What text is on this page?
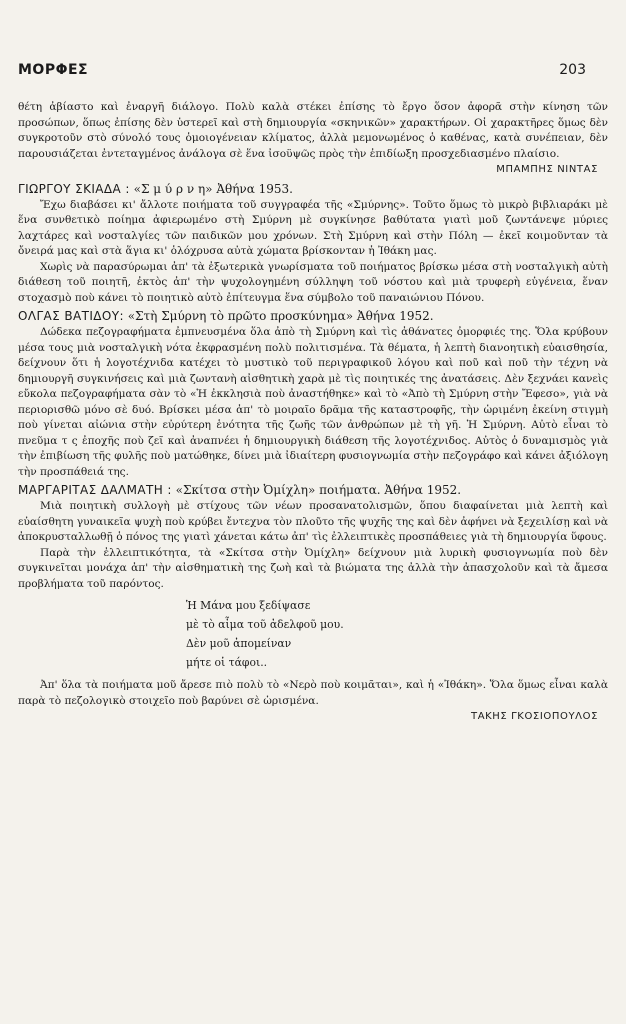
ΜΟΡΦΕΣ	203

θέτη ἀβίαστο καὶ ἐναργῆ διάλογο. Πολὺ καλὰ στέκει ἐπίσης τὸ ἔργο ὅσον ἀφορᾶ στὴν κίνηση τῶν προσώπων, ὅπως ἐπίσης δὲν ὑστερεῖ καὶ στὴ δημιουργία «σκηνικῶν» χαρακτήρων. Οἱ χαρακτῆρες ὅμως δὲν συγκροτοῦν στὸ σύνολό τους ὁμοιογένειαν κλίματος, ἀλλὰ μεμονωμένος ὁ καθένας, κατὰ συνέπειαν, δὲν παρουσιάζεται ἐντεταγμένος ἀνάλογα σὲ ἕνα ἰσοϋψῶς πρὸς τὴν ἐπιδίωξη προσχεδιασμένο πλαίσιο.

ΜΠΑΜΠΗΣ ΝΙΝΤΑΣ
ΓΙΩΡΓΟΥ ΣΚΙΑΔΑ : «Σ μ ύ ρ ν η» Ἀθήνα 1953.

Ἔχω διαβάσει κι' ἄλλοτε ποιήματα τοῦ συγγραφέα τῆς «Σμύρνης». Τοῦτο ὅμως τὸ μικρὸ βιβλιαράκι μὲ ἕνα συνθετικὸ ποίημα ἀφιερωμένο στὴ Σμύρνη μὲ συγκίνησε βαθύτατα γιατὶ μοῦ ζωντάνεψε μύριες λαχτάρες καὶ νοσταλγίες τῶν παιδικῶν μου χρόνων. Στὴ Σμύρνη καὶ στὴν Πόλη — ἐκεῖ κοιμοῦνταν τὰ ὄνειρά μας καὶ στὰ ἅγια κι' ὁλόχρυσα αὐτὰ χώματα βρίσκονταν ἡ Ἰθάκη μας.

Χωρὶς νὰ παρασύρωμαι ἀπ' τὰ ἐξωτερικὰ γνωρίσματα τοῦ ποιήματος βρίσκω μέσα στὴ νοσταλγικὴ αὐτὴ διάθεση τοῦ ποιητῆ, ἐκτὸς ἀπ' τὴν ψυχολογημένη σύλληψη τοῦ νόστου καὶ μιὰ τρυφερὴ εὐγένεια, ἕναν στοχασμὸ ποὺ κάνει τὸ ποιητικὸ αὐτὸ ἐπίτευγμα ἕνα σύμβολο τοῦ παναιώνιου Πόνου.

ΟΛΓΑΣ ΒΑΤΙΔΟΥ: «Στὴ Σμύρνη τὸ πρῶτο προσκύνημα» Ἀθήνα 1952.

Δώδεκα πεζογραφήματα ἐμπνευσμένα ὅλα ἀπὸ τὴ Σμύρνη καὶ τὶς ἀθάνατες ὀμορφιές της. Ὅλα κρύβουν μέσα τους μιὰ νοσταλγικὴ νότα ἐκφρασμένη πολὺ πολιτισμένα. Τὰ θέματα, ἡ λεπτὴ διανοητικὴ εὐαισθησία, δείχνουν ὅτι ἡ λογοτέχνιδα κατέχει τὸ μυστικὸ τοῦ περιγραφικοῦ λόγου καὶ ποῦ καὶ ποῦ τὴν τέχνη νὰ δημιουργῆ συγκινήσεις καὶ μιὰ ζωντανὴ αἰσθητικὴ χαρὰ μὲ τὶς ποιητικές της ἀνατάσεις. Δὲν ξεχνάει κανεὶς εὔκολα πεζογραφήματα σὰν τὸ «Ἡ ἐκκλησιὰ ποὺ ἀναστήθηκε» καὶ τὸ «Ἀπὸ τὴ Σμύρνη στὴν Ἔφεσο», γιὰ νὰ περιορισθῶ μόνο σὲ δυό. Βρίσκει μέσα ἀπ' τὸ μοιραῖο δρᾶμα τῆς καταστροφῆς, τὴν ὡριμένη ἐκείνη στιγμὴ ποὺ γίνεται αἰώνια στὴν εὐρύτερη ἑνότητα τῆς ζωῆς τῶν ἀνθρώπων μὲ τὴ γῆ. Ἡ Σμύρνη. Αὐτὸ εἶναι τὸ πνεῦμα τ ς ἐποχῆς ποὺ ζεῖ καὶ ἀναπνέει ἡ δημιουργικὴ διάθεση τῆς λογοτέχνιδος. Αὐτὸς ὁ δυναμισμὸς γιὰ τὴν ἐπιβίωση τῆς φυλῆς ποὺ ματώθηκε, δίνει μιὰ ἰδιαίτερη φυσιογνωμία στὴν πεζογράφο καὶ κάνει ἀξιόλογη τὴν προσπάθειά της.

ΜΑΡΓΑΡΙΤΑΣ ΔΑΛΜΑΤΗ : «Σκίτσα στὴν Ὀμίχλη» ποιήματα. Ἀθήνα 1952.

Μιὰ ποιητικὴ συλλογὴ μὲ στίχους τῶν νέων προσανατολισμῶν, ὅπου διαφαίνεται μιὰ λεπτὴ καὶ εὐαίσθητη γυναικεῖα ψυχὴ ποὺ κρύβει ἔντεχνα τὸν πλοῦτο τῆς ψυχῆς της καὶ δὲν ἀφήνει νὰ ξεχειλίσῃ καὶ νὰ ἀποκρυσταλλωθῇ ὁ πόνος της γιατὶ χάνεται κάτω ἀπ' τὶς ἐλλειπτικὲς προσπάθειες γιὰ τὴ δημιουργία ὕφους.

Παρὰ τὴν ἐλλειπτικότητα, τὰ «Σκίτσα στὴν Ὀμίχλη» δείχνουν μιὰ λυρικὴ φυσιογνωμία ποὺ δὲν συγκινεῖται μονάχα ἀπ' τὴν αἰσθηματικὴ της ζωὴ καὶ τὰ βιώματα της ἀλλὰ τὴν ἀπασχολοῦν καὶ τὰ ἄμεσα προβλήματα τοῦ παρόντος.

Ἡ Μάνα μου ξεδίψασε
μὲ τὸ αἷμα τοῦ ἀδελφοῦ μου.
Δὲν μοῦ ἀπομείναν
μήτε οἱ τάφοι..

Ἀπ' ὅλα τὰ ποιήματα μοῦ ἄρεσε πιὸ πολὺ τὸ «Νερὸ ποὺ κοιμᾶται», καὶ ἡ «Ἰθάκη». Ὅλα ὅμως εἶναι καλὰ παρὰ τὸ πεζολογικὸ στοιχεῖο ποὺ βαρύνει σὲ ὡρισμένα.

ΤΑΚΗΣ ΓΚΟΣΙΟΠΟΥΛΟΣ
